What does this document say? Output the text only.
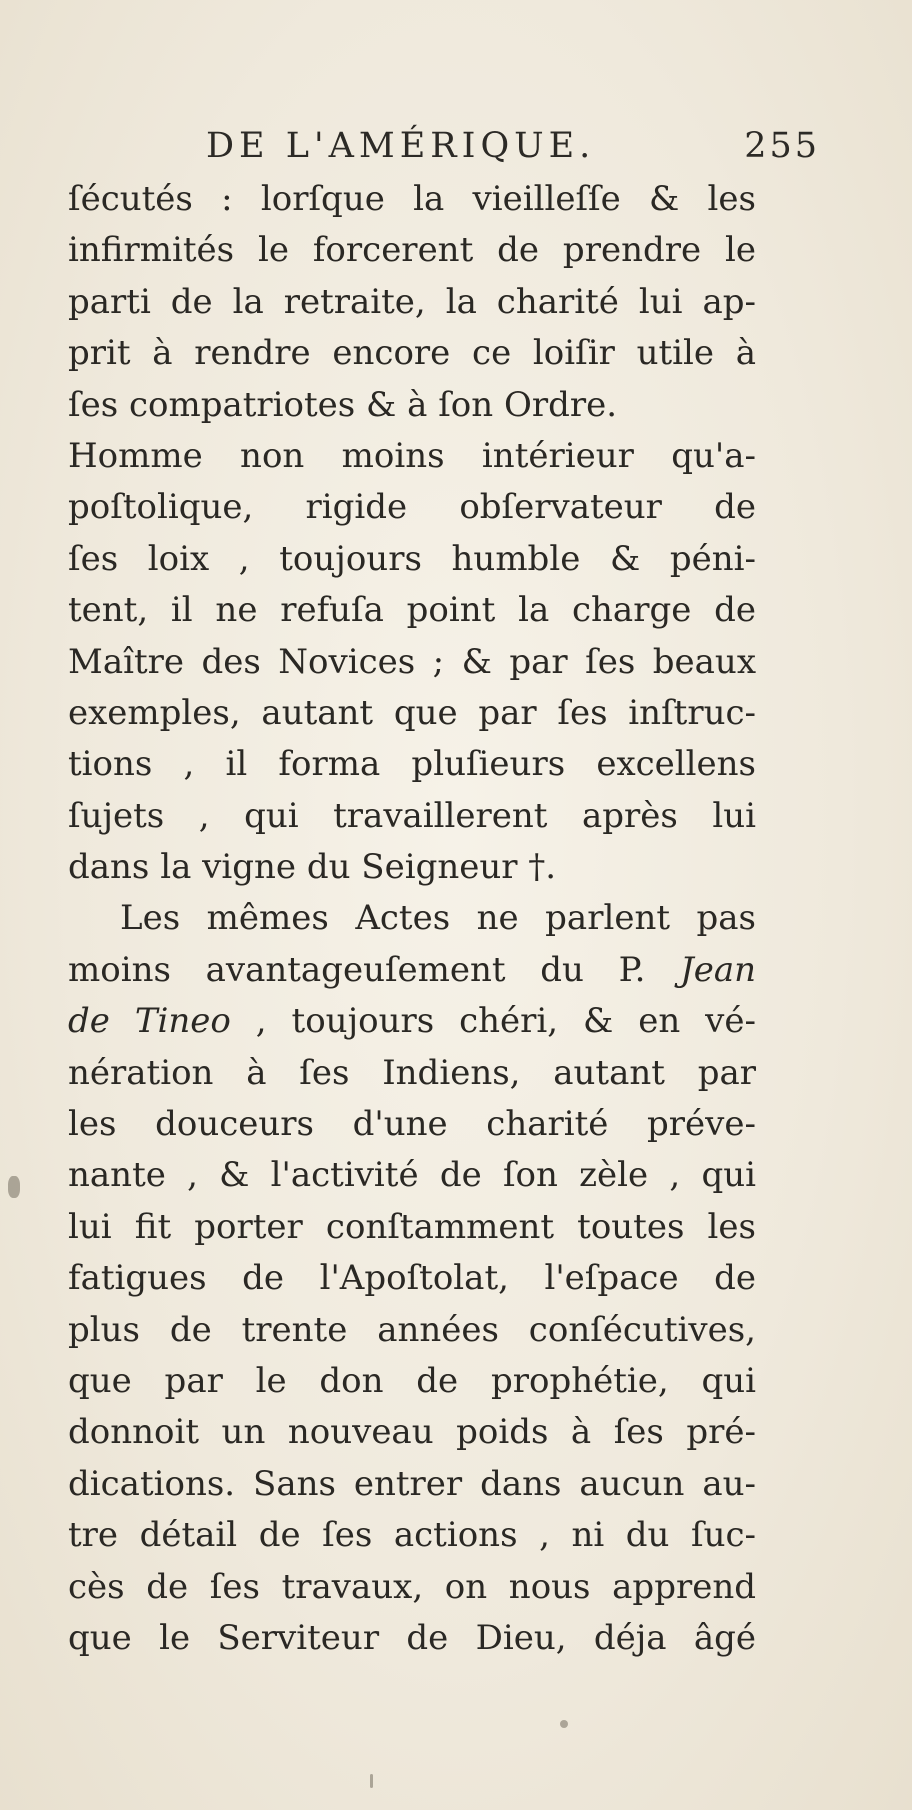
DE L'AMÉRIQUE.	255
ſécutés : lorſque la vieilleſſe & les
infirmités le forcerent de prendre le
parti de la retraite, la charité lui ap-
prit à rendre encore ce loiſir utile à
ſes compatriotes & à ſon Ordre.
Homme non moins intérieur qu'a-
poſtolique, rigide obſervateur de
ſes loix , toujours humble & péni-
tent, il ne refuſa point la charge de
Maître des Novices ; & par ſes beaux
exemples, autant que par ſes inſtruc-
tions , il forma pluſieurs excellens
ſujets , qui travaillerent après lui
dans la vigne du Seigneur †.
Les mêmes Actes ne parlent pas
moins avantageuſement du P. Jean
de Tineo , toujours chéri, & en vé-
nération à ſes Indiens, autant par
les douceurs d'une charité préve-
nante , & l'activité de ſon zèle , qui
lui fit porter conſtamment toutes les
fatigues de l'Apoſtolat, l'eſpace de
plus de trente années conſécutives,
que par le don de prophétie, qui
donnoit un nouveau poids à ſes pré-
dications. Sans entrer dans aucun au-
tre détail de ſes actions , ni du ſuc-
cès de ſes travaux, on nous apprend
que le Serviteur de Dieu, déja âgé
